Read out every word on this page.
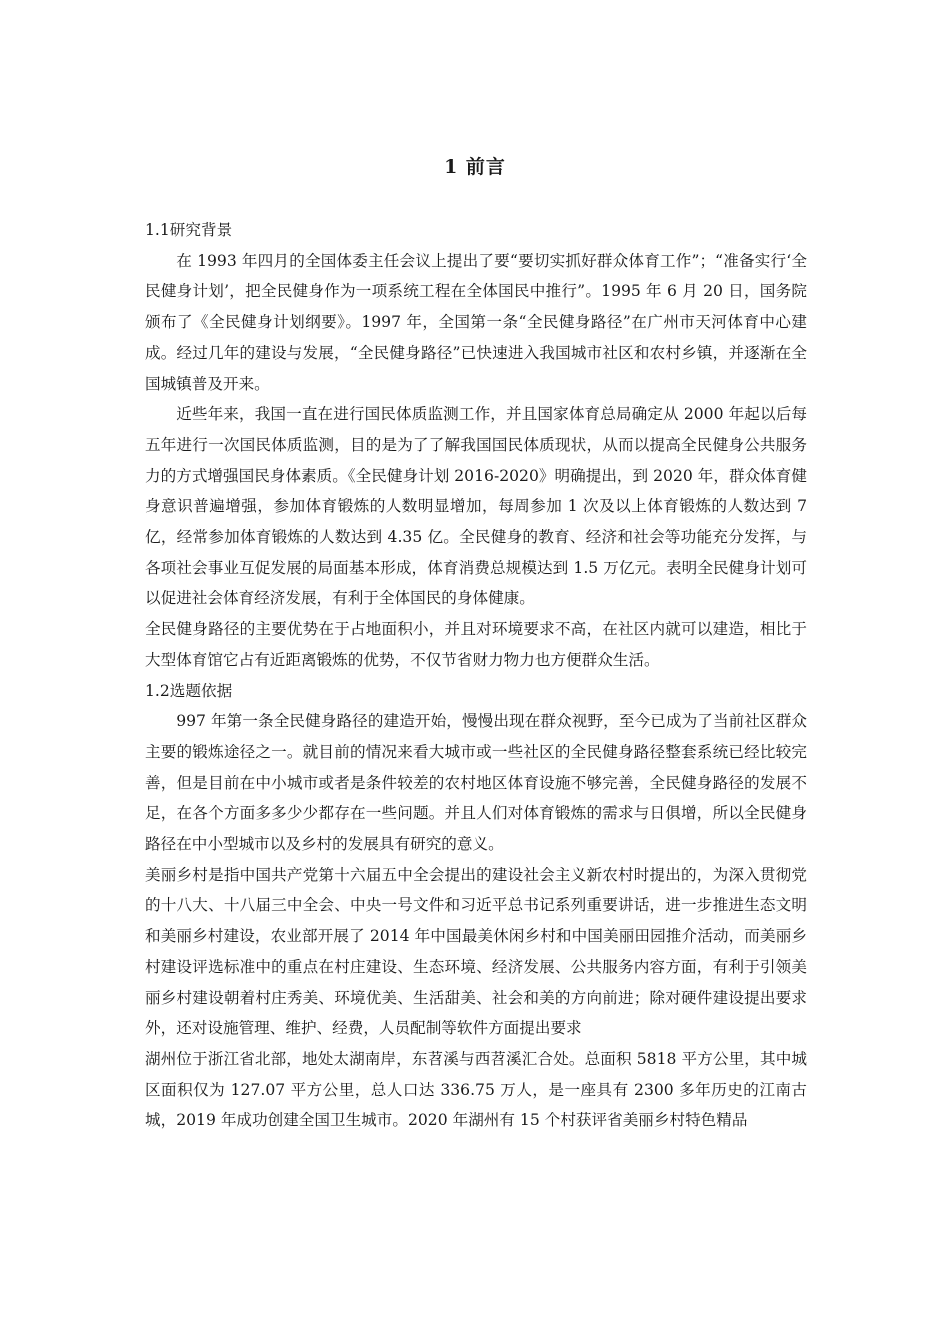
1 前言

1.1研究背景

在 1993 年四月的全国体委主任会议上提出了要“要切实抓好群众体育工作”；“准备实行‘全民健身计划’，把全民健身作为一项系统工程在全体国民中推行”。1995 年 6 月 20 日，国务院颁布了《全民健身计划纲要》。1997 年，全国第一条“全民健身路径”在广州市天河体育中心建成。经过几年的建设与发展，“全民健身路径”已快速进入我国城市社区和农村乡镇，并逐渐在全国城镇普及开来。

近些年来，我国一直在进行国民体质监测工作，并且国家体育总局确定从 2000 年起以后每五年进行一次国民体质监测，目的是为了了解我国国民体质现状，从而以提高全民健身公共服务力的方式增强国民身体素质。《全民健身计划 2016-2020》明确提出，到 2020 年，群众体育健身意识普遍增强，参加体育锻炼的人数明显增加，每周参加 1 次及以上体育锻炼的人数达到 7 亿，经常参加体育锻炼的人数达到 4.35 亿。全民健身的教育、经济和社会等功能充分发挥，与各项社会事业互促发展的局面基本形成，体育消费总规模达到 1.5 万亿元。表明全民健身计划可以促进社会体育经济发展，有利于全体国民的身体健康。

全民健身路径的主要优势在于占地面积小，并且对环境要求不高，在社区内就可以建造，相比于大型体育馆它占有近距离锻炼的优势，不仅节省财力物力也方便群众生活。

1.2选题依据

997 年第一条全民健身路径的建造开始，慢慢出现在群众视野，至今已成为了当前社区群众主要的锻炼途径之一。就目前的情况来看大城市或一些社区的全民健身路径整套系统已经比较完善，但是目前在中小城市或者是条件较差的农村地区体育设施不够完善，全民健身路径的发展不足，在各个方面多多少少都存在一些问题。并且人们对体育锻炼的需求与日俱增，所以全民健身路径在中小型城市以及乡村的发展具有研究的意义。

美丽乡村是指中国共产党第十六届五中全会提出的建设社会主义新农村时提出的，为深入贯彻党的十八大、十八届三中全会、中央一号文件和习近平总书记系列重要讲话，进一步推进生态文明和美丽乡村建设，农业部开展了 2014 年中国最美休闲乡村和中国美丽田园推介活动，而美丽乡村建设评选标准中的重点在村庄建设、生态环境、经济发展、公共服务内容方面，有利于引领美丽乡村建设朝着村庄秀美、环境优美、生活甜美、社会和美的方向前进；除对硬件建设提出要求外，还对设施管理、维护、经费，人员配制等软件方面提出要求

湖州位于浙江省北部，地处太湖南岸，东苕溪与西苕溪汇合处。总面积 5818 平方公里，其中城区面积仅为 127.07 平方公里，总人口达 336.75 万人，是一座具有 2300 多年历史的江南古城，2019 年成功创建全国卫生城市。2020 年湖州有 15 个村获评省美丽乡村特色精品
